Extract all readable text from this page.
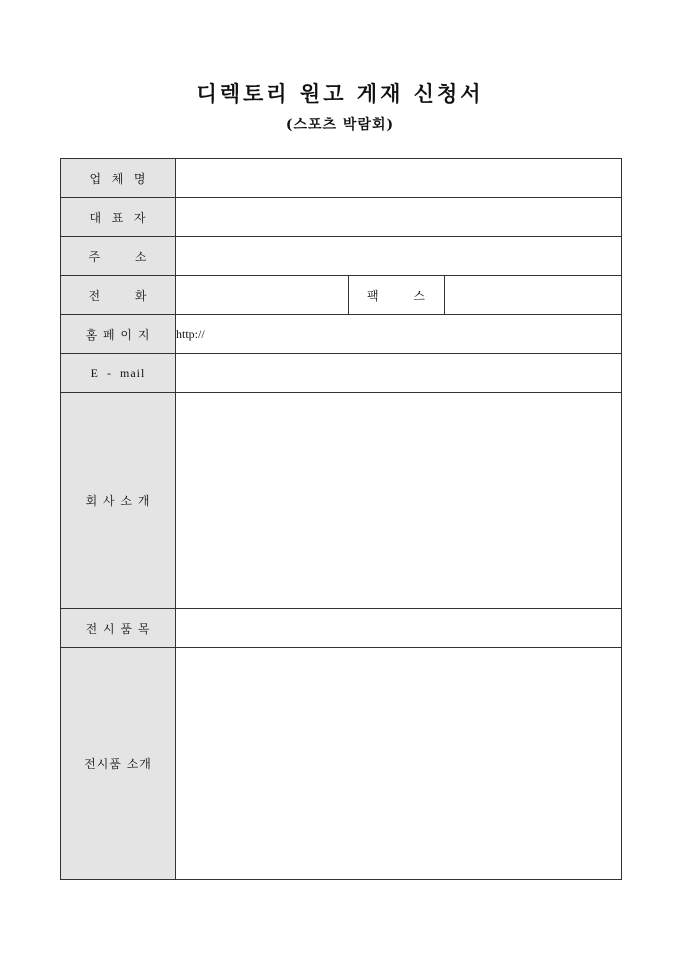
디렉토리 원고 게재 신청서
(스포츠 박람회)
업  체  명			
대  표  자			
주       소			
전       화		팩       스	
홈 페 이 지	http://		
E  -  mail			
회 사 소 개			
전 시 품 목			
전시품 소개			
